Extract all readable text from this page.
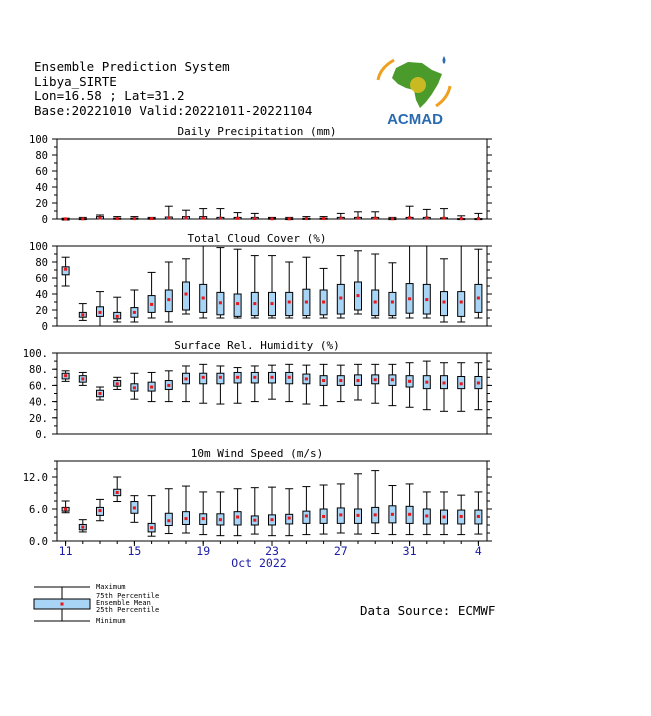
Ensemble Prediction System
Libya_SIRTE
Lon=16.58 ; Lat=31.2
Base:20221010 Valid:20221011-20221104
ACMAD
Daily Precipitation (mm)
0
20
40
60
80
100
Total Cloud Cover (%)
0
20
40
60
80
100
Surface Rel. Humidity (%)
0.
20.
40.
60.
80.
100.
10m Wind Speed (m/s)
0.0
6.0
12.0
11	15	19	23	27	31	4
Oct 2022
Maximum
75th Percentile
Ensemble Mean
25th Percentile
Minimum
Data Source: ECMWF
